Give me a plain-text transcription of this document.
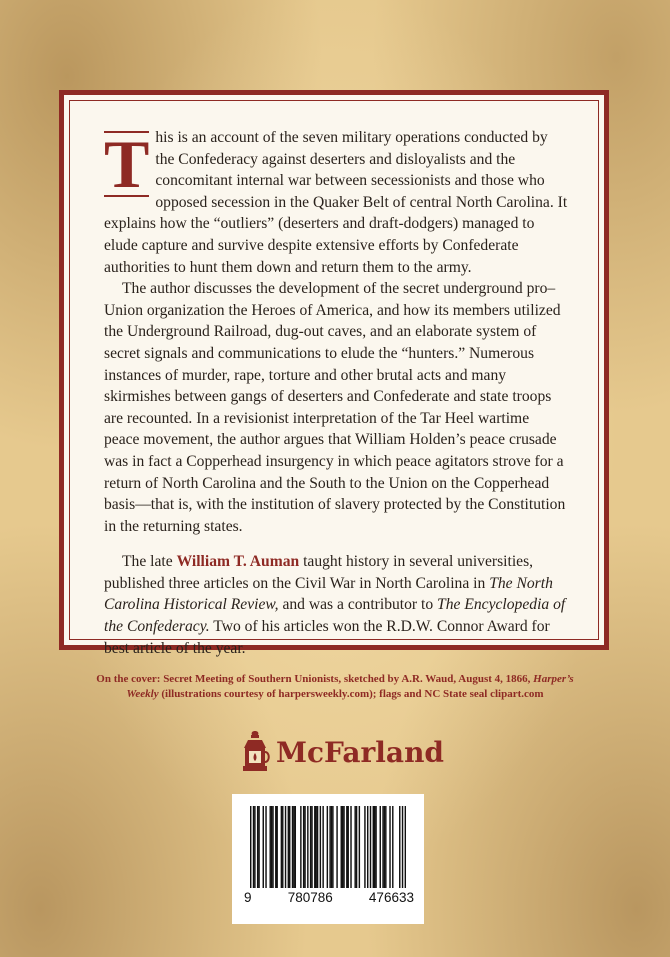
T his is an account of the seven military operations conducted by the Confederacy against deserters and disloyalists and the concomitant internal war between secessionists and those who opposed secession in the Quaker Belt of central North Carolina. It explains how the “outliers” (deserters and draft-dodgers) managed to elude capture and survive despite extensive efforts by Confederate authorities to hunt them down and return them to the army.

The author discusses the development of the secret underground pro–Union organization the Heroes of America, and how its members utilized the Underground Railroad, dug-out caves, and an elaborate system of secret signals and communications to elude the “hunters.” Numerous instances of murder, rape, torture and other brutal acts and many skirmishes between gangs of deserters and Confederate and state troops are recounted. In a revisionist interpretation of the Tar Heel wartime peace movement, the author argues that William Holden’s peace crusade was in fact a Copperhead insurgency in which peace agitators strove for a return of North Carolina and the South to the Union on the Copperhead basis—that is, with the institution of slavery protected by the Constitution in the returning states.

The late William T. Auman taught history in several universities, published three articles on the Civil War in North Carolina in The North Carolina Historical Review, and was a contributor to The Encyclopedia of the Confederacy. Two of his articles won the R.D.W. Connor Award for best article of the year.

On the cover: Secret Meeting of Southern Unionists, sketched by A.R. Waud, August 4, 1866, Harper’s Weekly (illustrations courtesy of harpersweekly.com); flags and NC State seal clipart.com
McFarland
9	780786	476633
